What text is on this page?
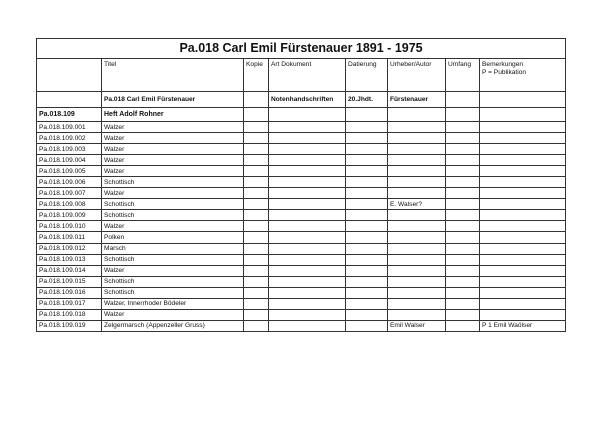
Pa.018 Carl Emil Fürstenauer 1891 - 1975							
	Titel	Kopie	Art Dokument	Datierung	Urheber/Autor	Umfang	Bemerkungen
P = Publikation

	Pa.018 Carl Emil Fürstenauer		Notenhandschriften	20.Jhdt.	Fürstenauer		
Pa.018.109	Heft Adolf Rohner						
Pa.018.109.001	Walzer						
Pa.018.109.002	Walzer						
Pa.018.109.003	Walzer						
Pa.018.109.004	Walzer						
Pa.018.109.005	Walzer						
Pa.018.109.006	Schottisch						
Pa.018.109.007	Walzer						
Pa.018.109.008	Schottisch				E. Walser?		
Pa.018.109.009	Schottisch						
Pa.018.109.010	Walzer						
Pa.018.109.011	Polken						
Pa.018.109.012	Marsch						
Pa.018.109.013	Schottisch						
Pa.018.109.014	Walzer						
Pa.018.109.015	Schottisch						
Pa.018.109.016	Schottisch						
Pa.018.109.017	Walzer, Innerrhoder Bödeler						
Pa.018.109.018	Walzer						
Pa.018.109.019	Zelgermarsch (Appenzeller Gruss)				Emil Walser		P 1 Emil Waölser
